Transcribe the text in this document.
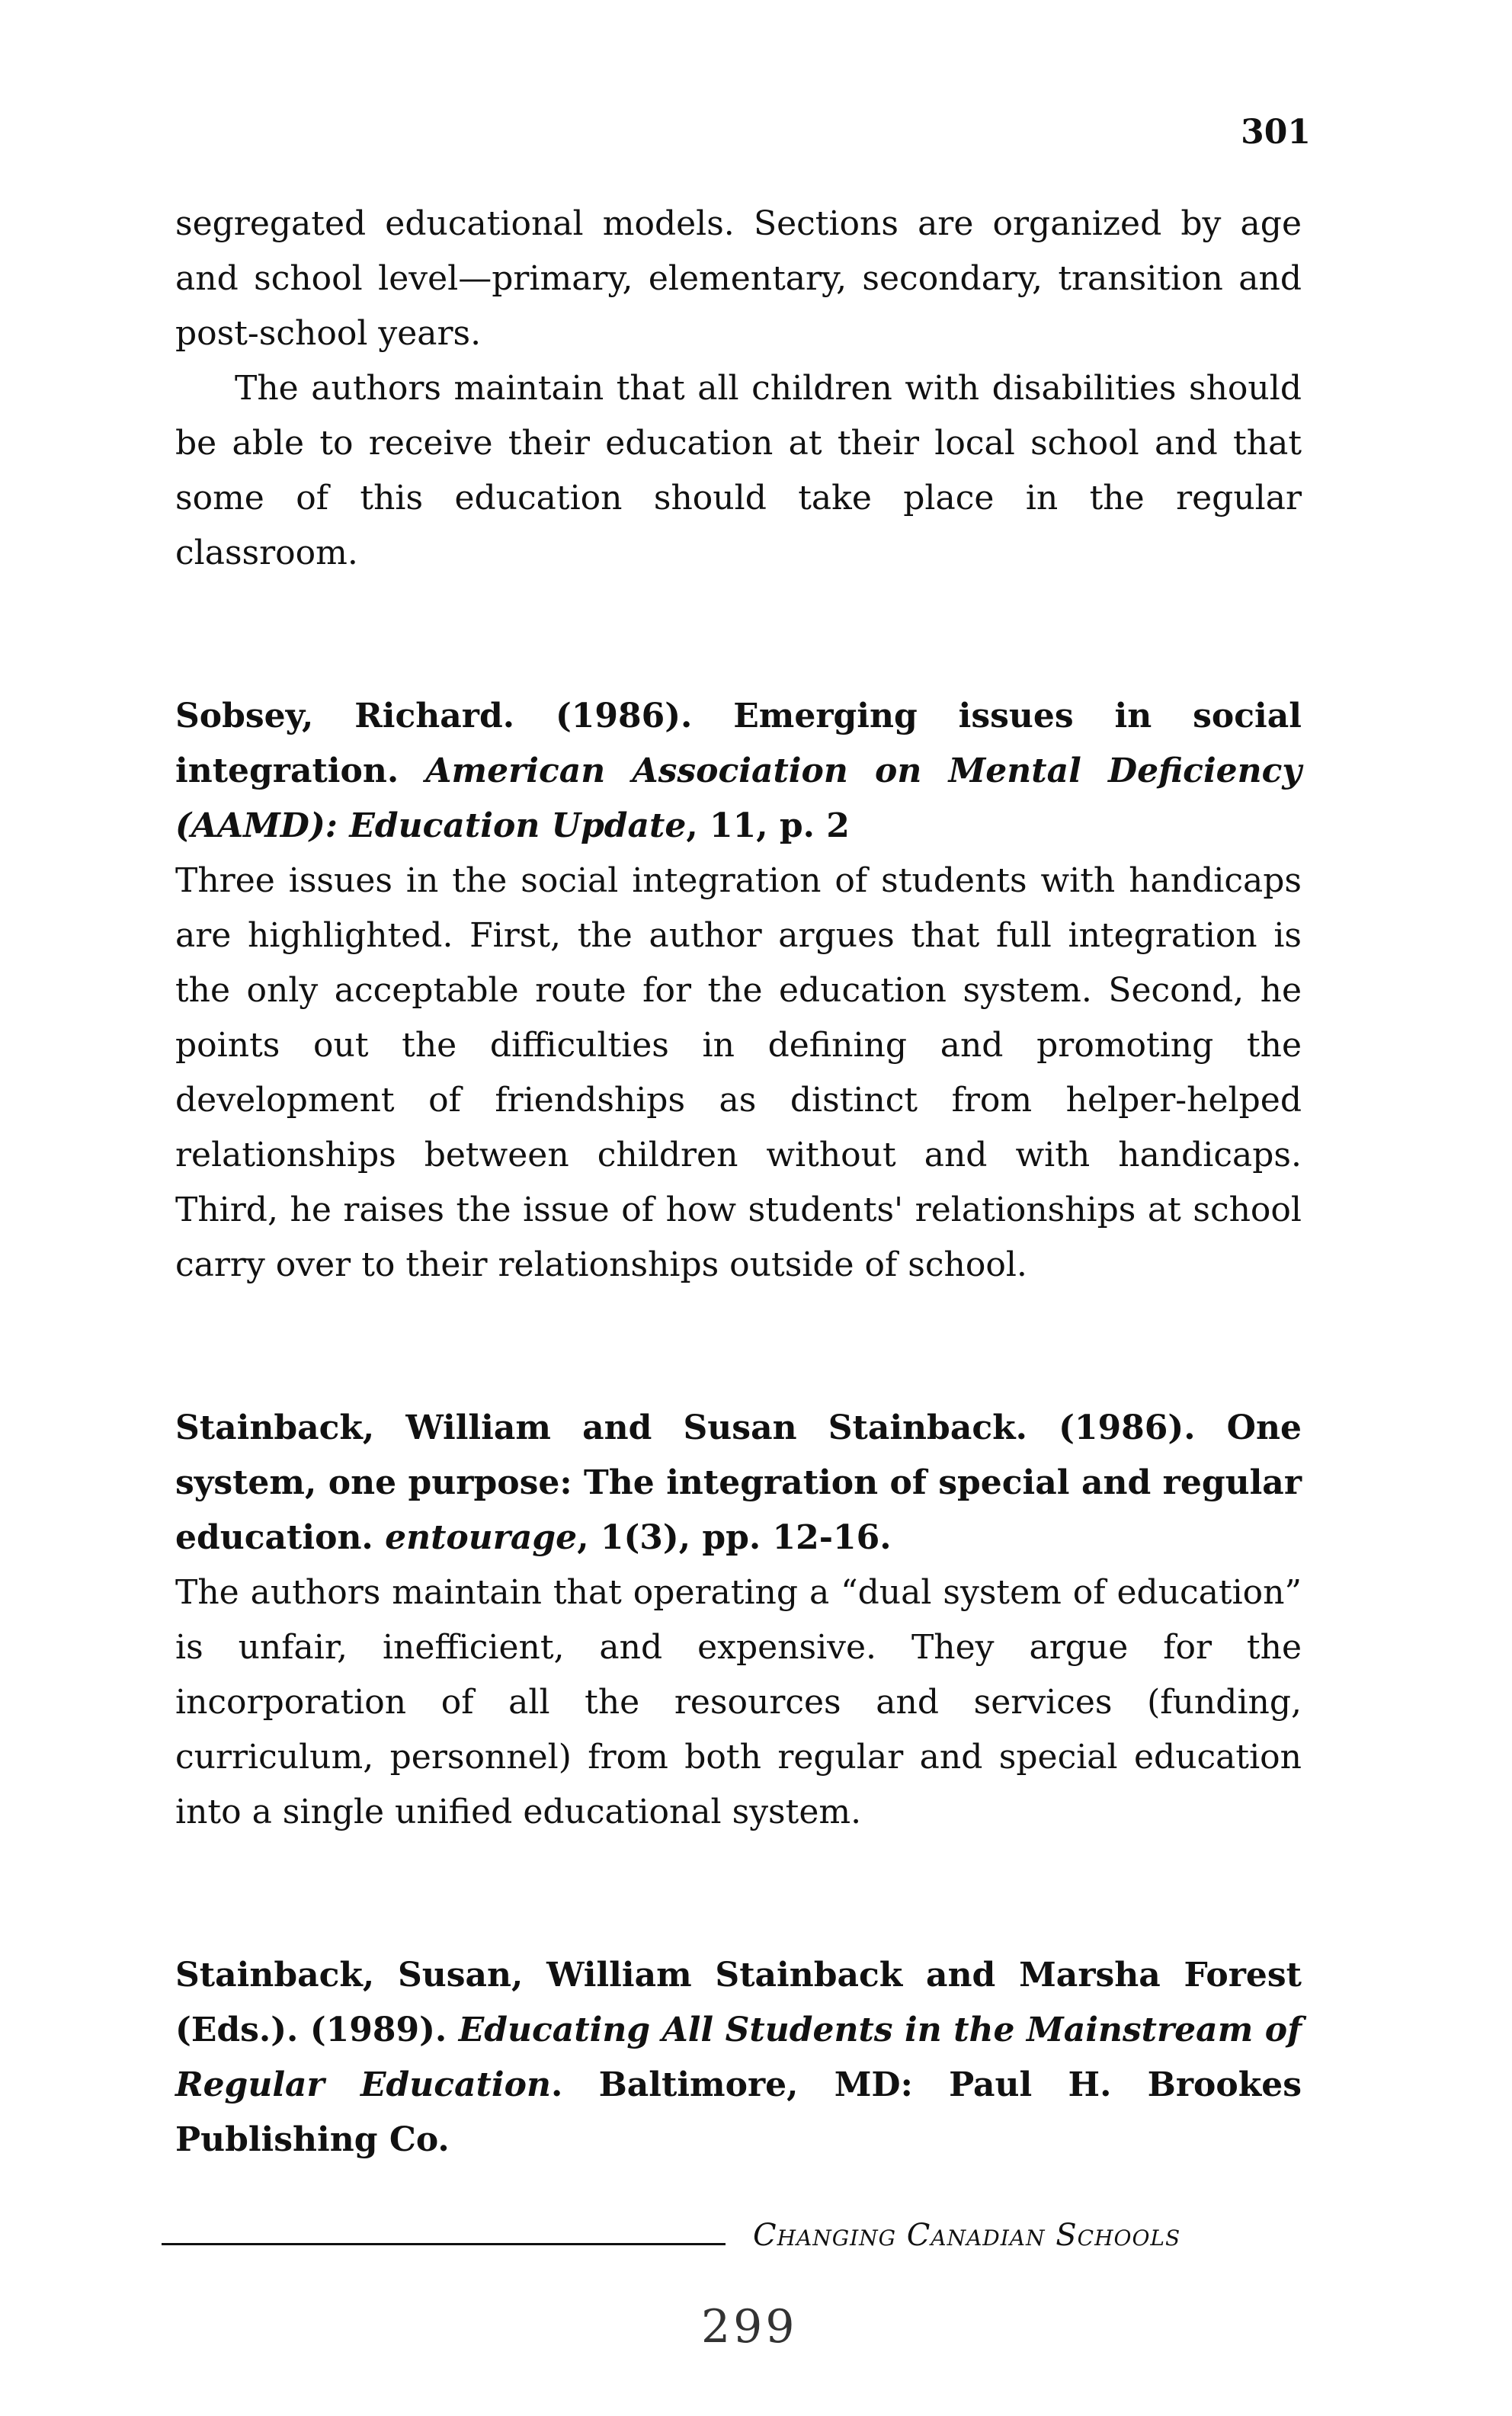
301

segregated educational models. Sections are organized by age and school level—primary, elementary, secondary, transition and post-school years.

The authors maintain that all children with disabilities should be able to receive their education at their local school and that some of this education should take place in the regular classroom.

Sobsey, Richard. (1986). Emerging issues in social integration. American Association on Mental Deficiency (AAMD): Education Update, 11, p. 2

Three issues in the social integration of students with handicaps are highlighted. First, the author argues that full integration is the only acceptable route for the education system. Second, he points out the difficulties in defining and promoting the development of friendships as distinct from helper-helped relationships between children without and with handicaps. Third, he raises the issue of how students' relationships at school carry over to their relationships outside of school.

Stainback, William and Susan Stainback. (1986). One system, one purpose: The integration of special and regular education. entourage, 1(3), pp. 12-16.

The authors maintain that operating a “dual system of education” is unfair, inefficient, and expensive. They argue for the incorporation of all the resources and services (funding, curriculum, personnel) from both regular and special education into a single unified educational system.

Stainback, Susan, William Stainback and Marsha Forest (Eds.). (1989). Educating All Students in the Mainstream of Regular Education. Baltimore, MD: Paul H. Brookes Publishing Co.

Changing Canadian Schools
299
